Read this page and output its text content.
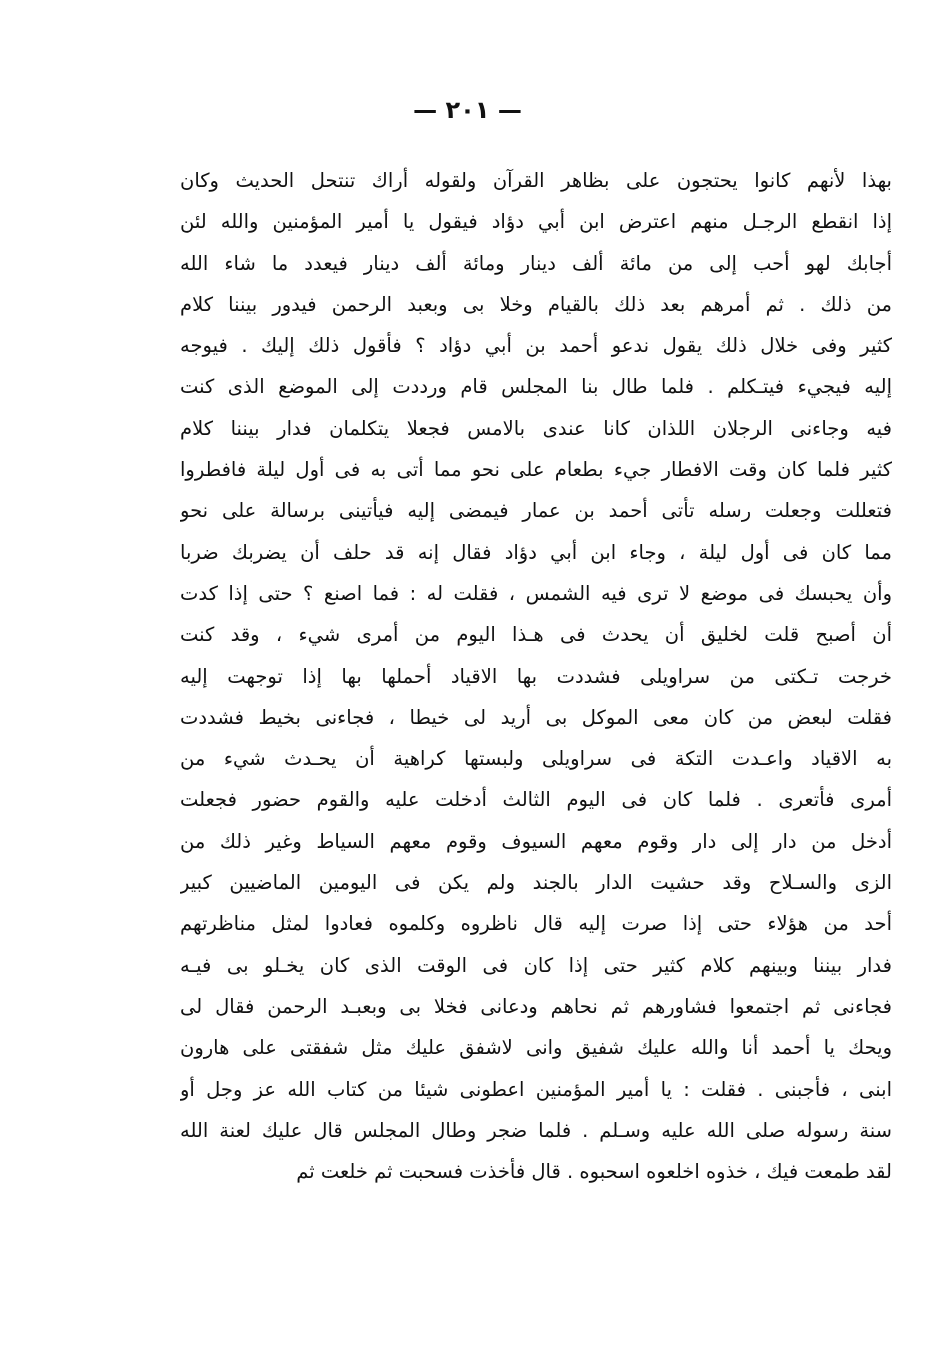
— ٢٠١ —
بهذا لأنهم كانوا يحتجون على بظاهر القرآن ولقوله أراك تنتحل الحديث وكان
إذا انقطع الرجـل منهم اعترض ابن أبي دؤاد فيقول يا أمير المؤمنين والله لئن
أجابك لهو أحب إلى من مائة ألف دينار ومائة ألف دينار فيعدد ما شاء الله
من ذلك . ثم أمرهم بعد ذلك بالقيام وخلا بى وبعبد الرحمن فيدور بيننا كلام
كثير وفى خلال ذلك يقول ندعو أحمد بن أبي دؤاد ؟ فأقول ذلك إليك . فيوجه
إليه فيجيء فيتـكلم . فلما طال بنا المجلس قام ورددت إلى الموضع الذى كنت
فيه وجاءنى الرجلان اللذان كانا عندى بالامس فجعلا يتكلمان فدار بيننا كلام
كثير فلما كان وقت الافطار جيء بطعام على نحو مما أتى به فى أول ليلة فافطروا
فتعللت وجعلت رسله تأتى أحمد بن عمار فيمضى إليه فيأتينى برسالة على نحو
مما كان فى أول ليلة ، وجاء ابن أبي دؤاد فقال إنه قد حلف أن يضربك ضربا
وأن يحبسك فى موضع لا ترى فيه الشمس ، فقلت له : فما اصنع ؟ حتى إذا كدت
أن أصبح قلت لخليق أن يحدث فى هـذا اليوم من أمرى شيء ، وقد كنت
خرجت تـكتى من سراويلى فشددت بها الاقياد أحملها بها إذا توجهت إليه
فقلت لبعض من كان معى الموكل بى أريد لى خيطا ، فجاءنى بخيط فشددت
به الاقياد واعـدت التكة فى سراويلى ولبستها كراهية أن يحـدث شيء من
أمرى فأتعرى . فلما كان فى اليوم الثالث أدخلت عليه والقوم حضور فجعلت
أدخل من دار إلى دار وقوم معهم السيوف وقوم معهم السياط وغير ذلك من
الزى والسـلاح وقد حشيت الدار بالجند ولم يكن فى اليومين الماضيين كبير
أحد من هؤلاء حتى إذا صرت إليه قال ناظروه وكلموه فعادوا لمثل مناظرتهم
فدار بيننا وبينهم كلام كثير حتى إذا كان فى الوقت الذى كان يخـلو بى فيـه
فجاءنى ثم اجتمعوا فشاورهم ثم نحاهم ودعانى فخلا بى وبعبـد الرحمن فقال لى
ويحك يا أحمد أنا والله عليك شفيق وانى لاشفق عليك مثل شفقتى على هارون
ابنى ، فأجبنى . فقلت : يا أمير المؤمنين اعطونى شيئا من كتاب الله عز وجل أو
سنة رسوله صلى الله عليه وسـلم . فلما ضجر وطال المجلس قال عليك لعنة الله
لقد طمعت فيك ، خذوه اخلعوه اسحبوه . قال فأخذت فسحبت ثم خلعت ثم
